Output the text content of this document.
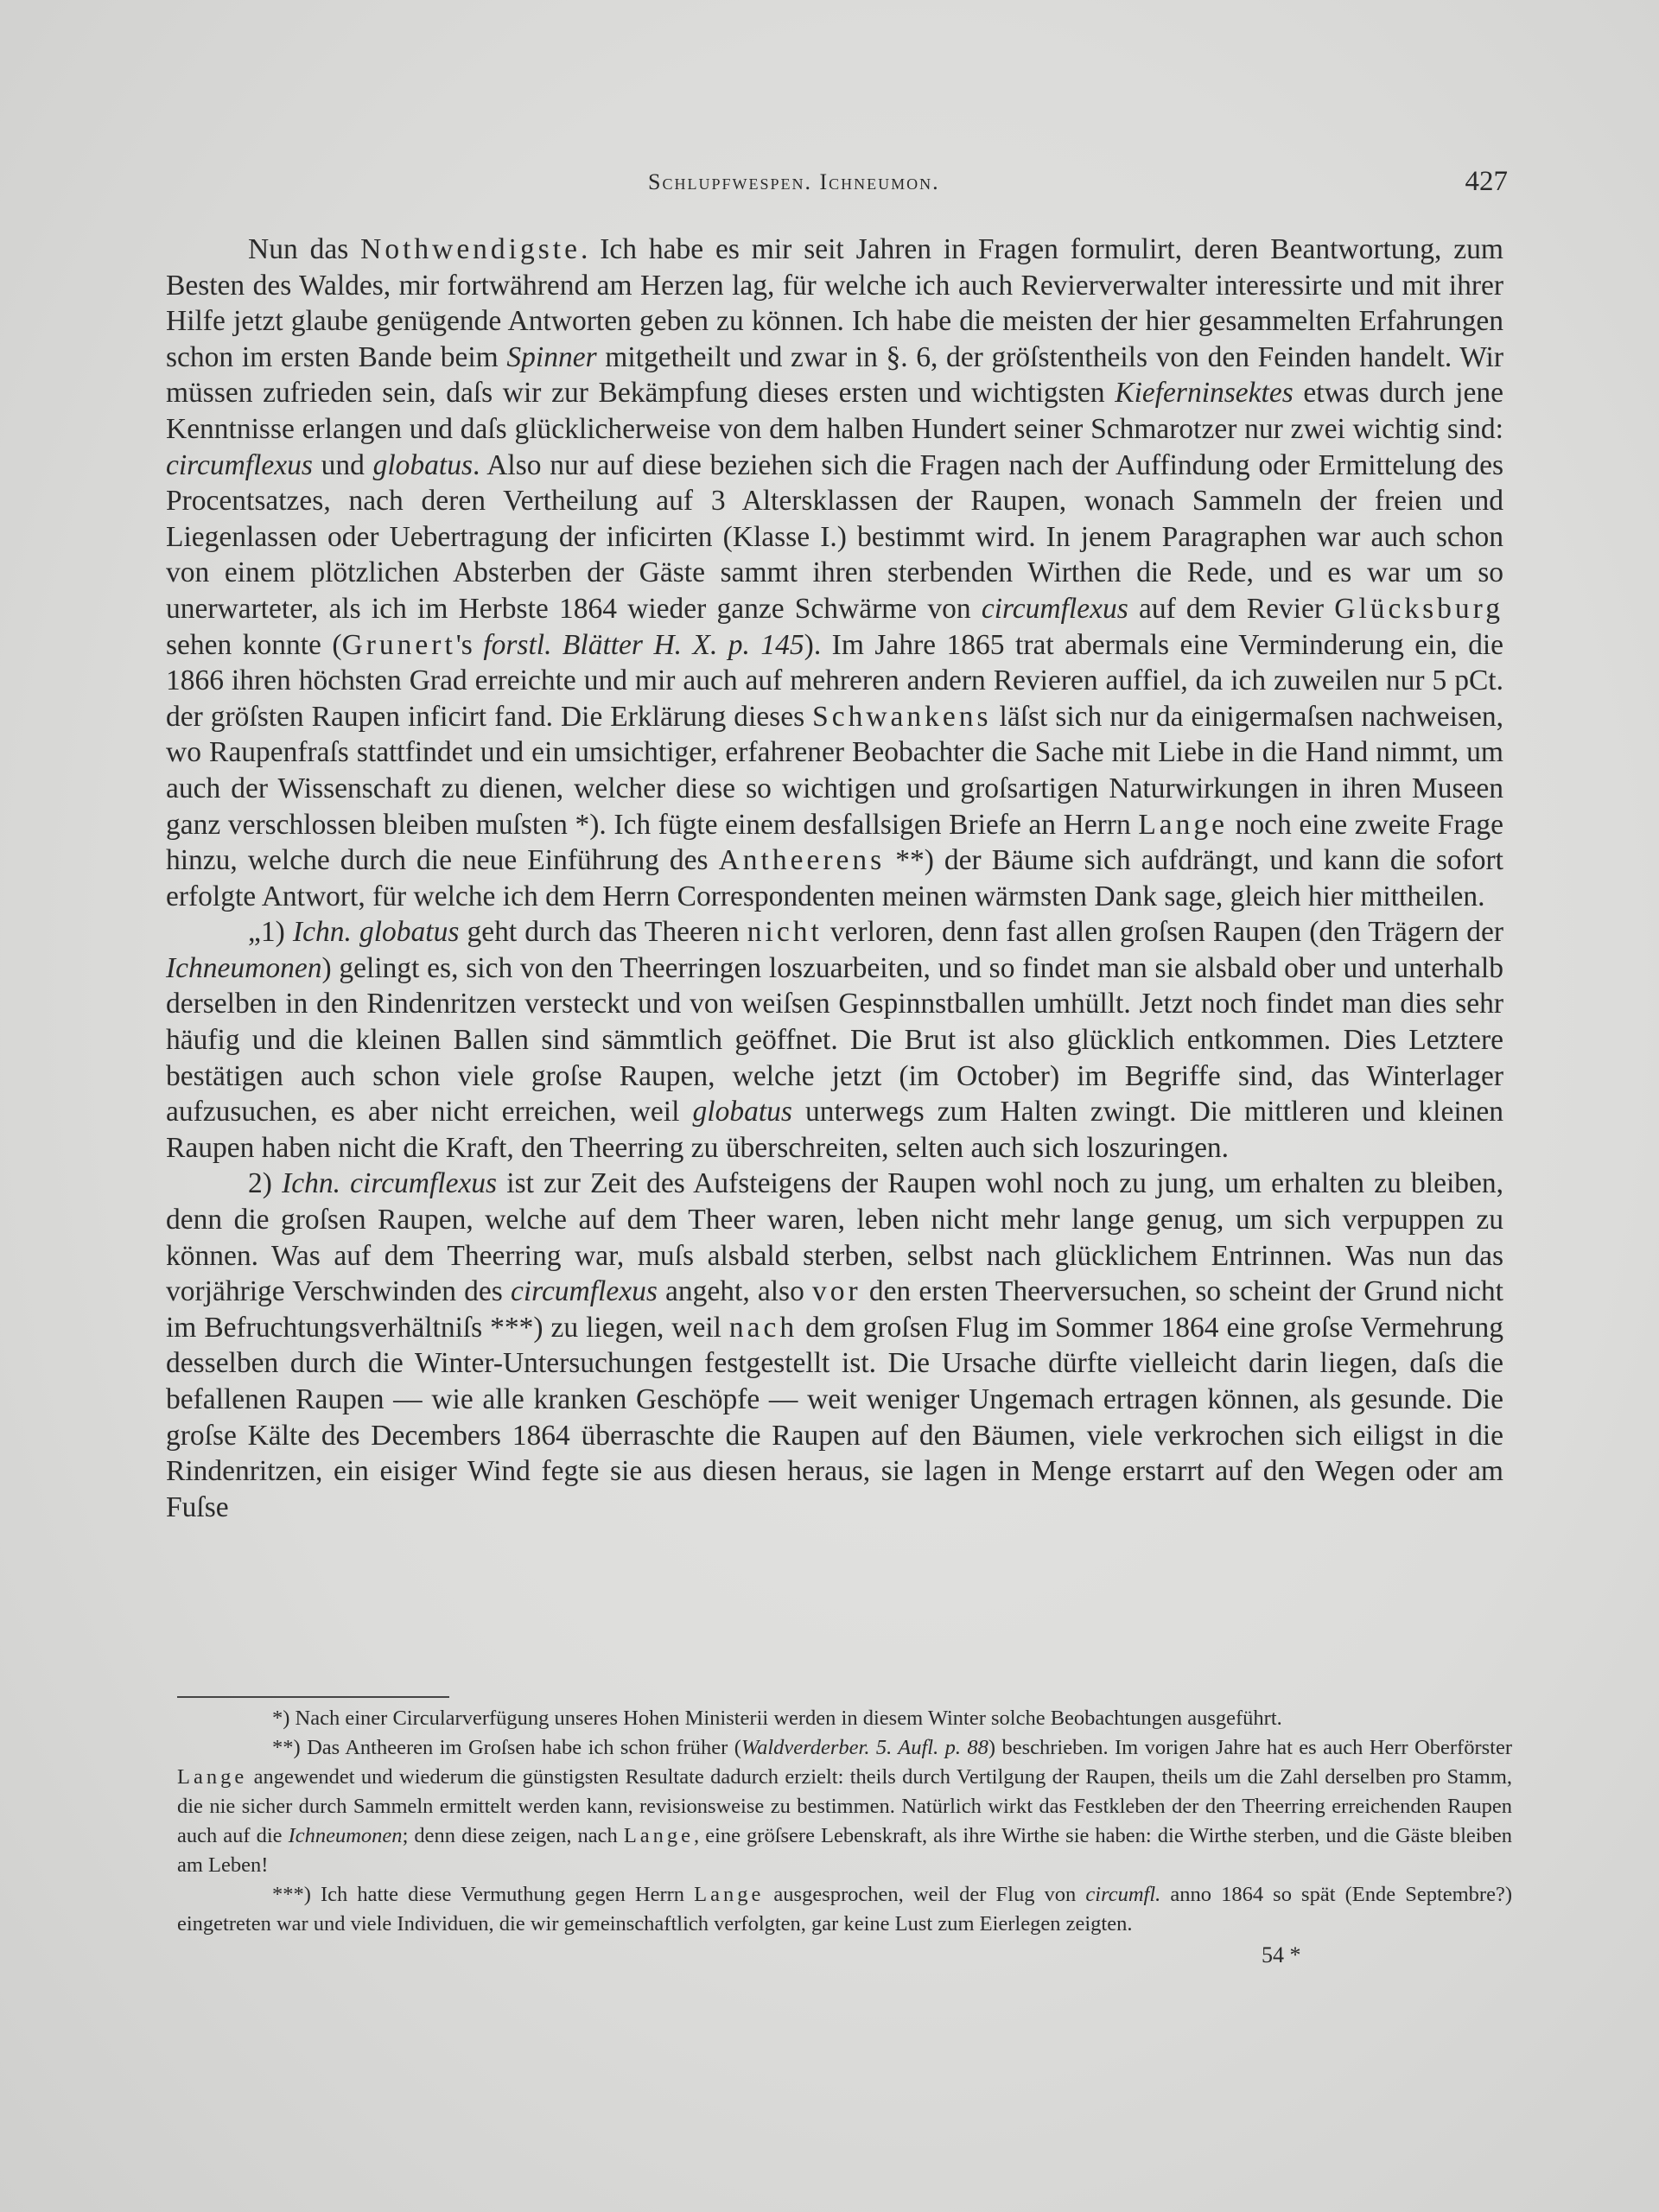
Schlupfwespen. Ichneumon.	427

Nun das Nothwendigste. Ich habe es mir seit Jahren in Fragen formulirt, deren Beantwortung, zum Besten des Waldes, mir fortwährend am Herzen lag, für welche ich auch Revierverwalter interessirte und mit ihrer Hilfe jetzt glaube genügende Antworten geben zu können. Ich habe die meisten der hier gesammelten Erfahrungen schon im ersten Bande beim Spinner mitgetheilt und zwar in §. 6, der gröſstentheils von den Feinden handelt. Wir müssen zufrieden sein, daſs wir zur Bekämpfung dieses ersten und wichtigsten Kieferninsektes etwas durch jene Kenntnisse erlangen und daſs glücklicherweise von dem halben Hundert seiner Schmarotzer nur zwei wichtig sind: circumflexus und globatus. Also nur auf diese beziehen sich die Fragen nach der Auffindung oder Ermittelung des Procentsatzes, nach deren Vertheilung auf 3 Altersklassen der Raupen, wonach Sammeln der freien und Liegenlassen oder Uebertragung der inficirten (Klasse I.) bestimmt wird. In jenem Paragraphen war auch schon von einem plötzlichen Absterben der Gäste sammt ihren sterbenden Wirthen die Rede, und es war um so unerwarteter, als ich im Herbste 1864 wieder ganze Schwärme von circumflexus auf dem Revier Glücksburg sehen konnte (Grunert's forstl. Blätter H. X. p. 145). Im Jahre 1865 trat abermals eine Verminderung ein, die 1866 ihren höchsten Grad erreichte und mir auch auf mehreren andern Revieren auffiel, da ich zuweilen nur 5 pCt. der gröſsten Raupen inficirt fand. Die Erklärung dieses Schwankens läſst sich nur da einigermaſsen nachweisen, wo Raupenfraſs stattfindet und ein umsichtiger, erfahrener Beobachter die Sache mit Liebe in die Hand nimmt, um auch der Wissenschaft zu dienen, welcher diese so wichtigen und groſsartigen Naturwirkungen in ihren Museen ganz verschlossen bleiben muſsten *). Ich fügte einem desfallsigen Briefe an Herrn Lange noch eine zweite Frage hinzu, welche durch die neue Einführung des Antheerens **) der Bäume sich aufdrängt, und kann die sofort erfolgte Antwort, für welche ich dem Herrn Correspondenten meinen wärmsten Dank sage, gleich hier mittheilen.

„1) Ichn. globatus geht durch das Theeren nicht verloren, denn fast allen groſsen Raupen (den Trägern der Ichneumonen) gelingt es, sich von den Theerringen loszuarbeiten, und so findet man sie alsbald ober und unterhalb derselben in den Rindenritzen versteckt und von weiſsen Gespinnstballen umhüllt. Jetzt noch findet man dies sehr häufig und die kleinen Ballen sind sämmtlich geöffnet. Die Brut ist also glücklich entkommen. Dies Letztere bestätigen auch schon viele groſse Raupen, welche jetzt (im October) im Begriffe sind, das Winterlager aufzusuchen, es aber nicht erreichen, weil globatus unterwegs zum Halten zwingt. Die mittleren und kleinen Raupen haben nicht die Kraft, den Theerring zu überschreiten, selten auch sich loszuringen.

2) Ichn. circumflexus ist zur Zeit des Aufsteigens der Raupen wohl noch zu jung, um erhalten zu bleiben, denn die groſsen Raupen, welche auf dem Theer waren, leben nicht mehr lange genug, um sich verpuppen zu können. Was auf dem Theerring war, muſs alsbald sterben, selbst nach glücklichem Entrinnen. Was nun das vorjährige Verschwinden des circumflexus angeht, also vor den ersten Theerversuchen, so scheint der Grund nicht im Befruchtungsverhältniſs ***) zu liegen, weil nach dem groſsen Flug im Sommer 1864 eine groſse Vermehrung desselben durch die Winter-Untersuchungen festgestellt ist. Die Ursache dürfte vielleicht darin liegen, daſs die befallenen Raupen — wie alle kranken Geschöpfe — weit weniger Ungemach ertragen können, als gesunde. Die groſse Kälte des Decembers 1864 überraschte die Raupen auf den Bäumen, viele verkrochen sich eiligst in die Rindenritzen, ein eisiger Wind fegte sie aus diesen heraus, sie lagen in Menge erstarrt auf den Wegen oder am Fuſse

*) Nach einer Circularverfügung unseres Hohen Ministerii werden in diesem Winter solche Beobachtungen ausgeführt.

**) Das Antheeren im Groſsen habe ich schon früher (Waldverderber. 5. Aufl. p. 88) beschrieben. Im vorigen Jahre hat es auch Herr Oberförster Lange angewendet und wiederum die günstigsten Resultate dadurch erzielt: theils durch Vertilgung der Raupen, theils um die Zahl derselben pro Stamm, die nie sicher durch Sammeln ermittelt werden kann, revisionsweise zu bestimmen. Natürlich wirkt das Festkleben der den Theerring erreichenden Raupen auch auf die Ichneumonen; denn diese zeigen, nach Lange, eine gröſsere Lebenskraft, als ihre Wirthe sie haben: die Wirthe sterben, und die Gäste bleiben am Leben!

***) Ich hatte diese Vermuthung gegen Herrn Lange ausgesprochen, weil der Flug von circumfl. anno 1864 so spät (Ende Septembre?) eingetreten war und viele Individuen, die wir gemeinschaftlich verfolgten, gar keine Lust zum Eierlegen zeigten.

54 *
